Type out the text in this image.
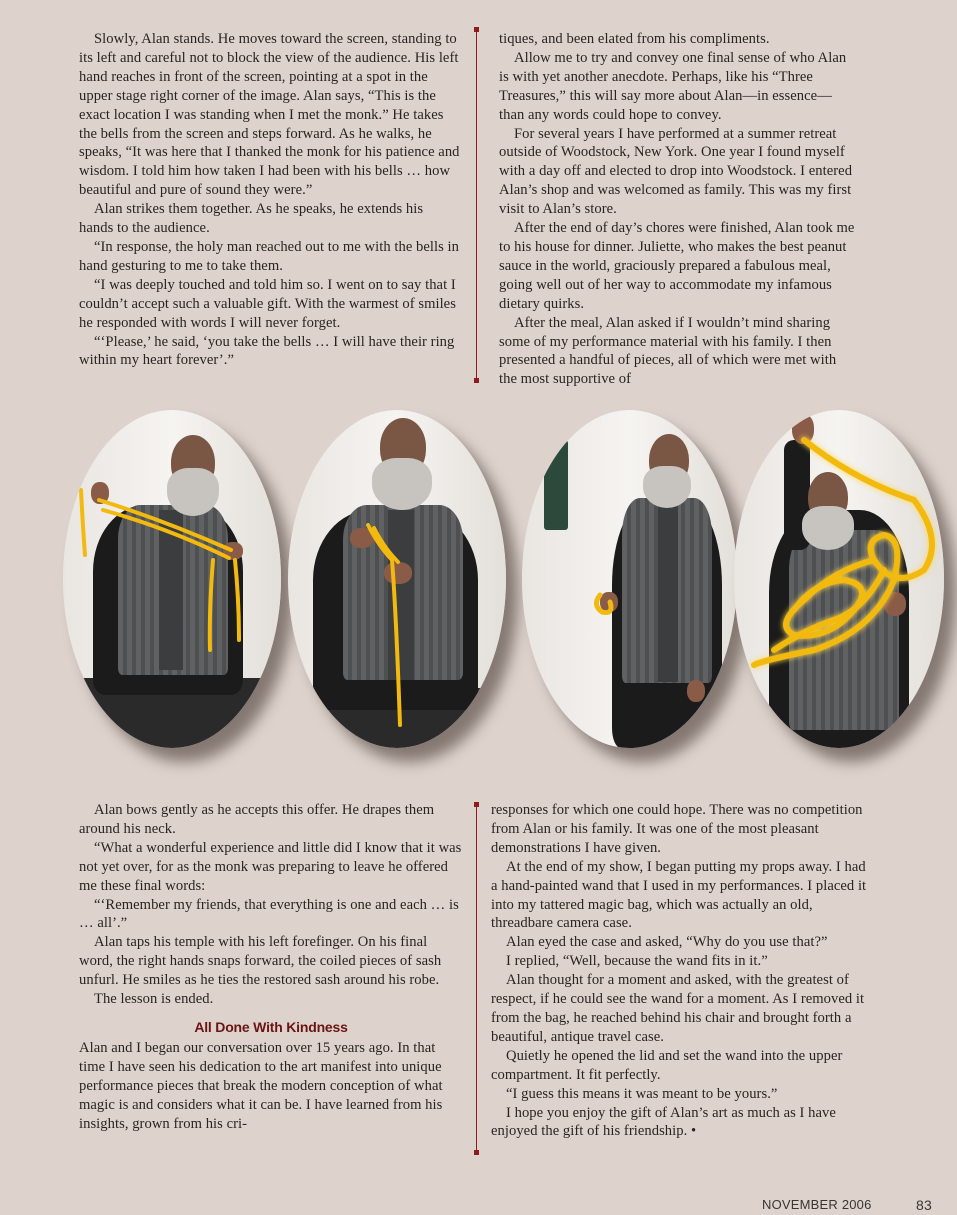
Slowly, Alan stands. He moves toward the screen, standing to its left and careful not to block the view of the audience. His left hand reaches in front of the screen, pointing at a spot in the upper stage right corner of the image. Alan says, “This is the exact location I was standing when I met the monk.” He takes the bells from the screen and steps forward. As he walks, he speaks, “It was here that I thanked the monk for his patience and wisdom. I told him how taken I had been with his bells … how beautiful and pure of sound they were.”

Alan strikes them together. As he speaks, he extends his hands to the audience.

“In response, the holy man reached out to me with the bells in hand gesturing to me to take them.

“I was deeply touched and told him so. I went on to say that I couldn’t accept such a valuable gift. With the warmest of smiles he responded with words I will never forget.

“‘Please,’ he said, ‘you take the bells … I will have their ring within my heart forever’.”

tiques, and been elated from his compliments.

Allow me to try and convey one final sense of who Alan is with yet another anecdote. Perhaps, like his “Three Treasures,” this will say more about Alan—in essence—than any words could hope to convey.

For several years I have performed at a summer retreat outside of Woodstock, New York. One year I found myself with a day off and elected to drop into Woodstock. I entered Alan’s shop and was welcomed as family. This was my first visit to Alan’s store.

After the end of day’s chores were finished, Alan took me to his house for dinner. Juliette, who makes the best peanut sauce in the world, graciously prepared a fabulous meal, going well out of her way to accommodate my infamous dietary quirks.

After the meal, Alan asked if I wouldn’t mind sharing some of my performance material with his family. I then presented a handful of pieces, all of which were met with the most supportive of

Alan bows gently as he accepts this offer. He drapes them around his neck.

“What a wonderful experience and little did I know that it was not yet over, for as the monk was preparing to leave he offered me these final words:

“‘Remember my friends, that everything is one and each … is … all’.”

Alan taps his temple with his left forefinger. On his final word, the right hands snaps forward, the coiled pieces of sash unfurl. He smiles as he ties the restored sash around his robe.

The lesson is ended.

All Done With Kindness

Alan and I began our conversation over 15 years ago. In that time I have seen his dedication to the art manifest into unique performance pieces that break the modern conception of what magic is and considers what it can be. I have learned from his insights, grown from his cri-

responses for which one could hope. There was no competition from Alan or his family. It was one of the most pleasant demonstrations I have given.

At the end of my show, I began putting my props away. I had a hand-painted wand that I used in my performances. I placed it into my tattered magic bag, which was actually an old, threadbare camera case.

Alan eyed the case and asked, “Why do you use that?”

I replied, “Well, because the wand fits in it.”

Alan thought for a moment and asked, with the greatest of respect, if he could see the wand for a moment. As I removed it from the bag, he reached behind his chair and brought forth a beautiful, antique travel case.

Quietly he opened the lid and set the wand into the upper compartment. It fit perfectly.

“I guess this means it was meant to be yours.”

I hope you enjoy the gift of Alan’s art as much as I have enjoyed the gift of his friendship. •

NOVEMBER 2006	83
